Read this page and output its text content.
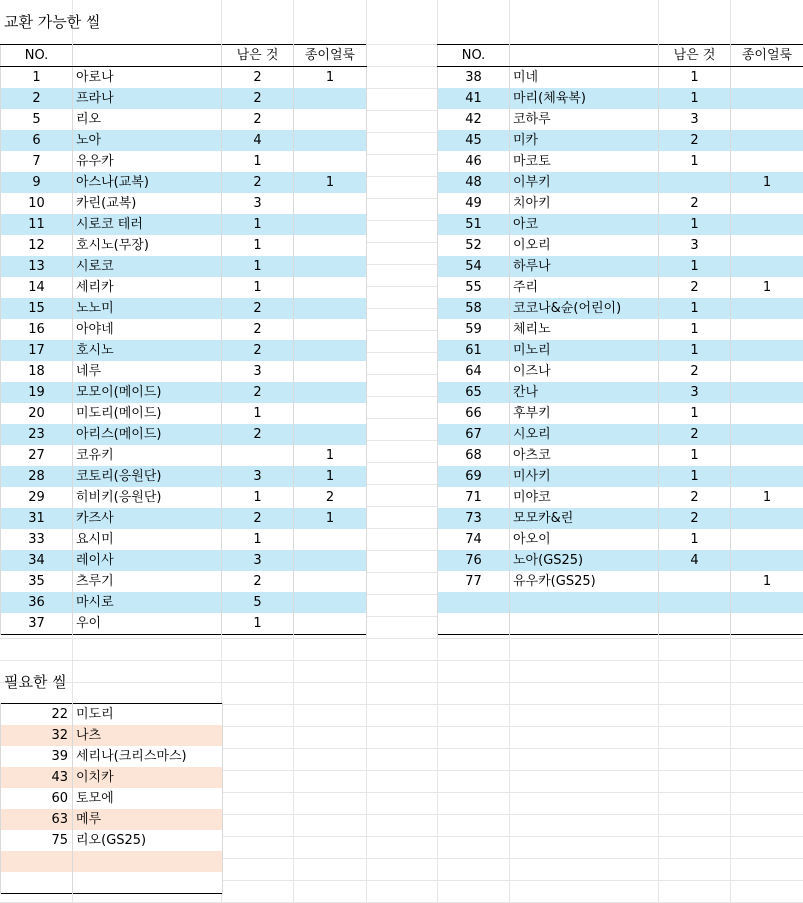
교환 가능한 씰
NO.		남은 것	종이얼룩
1	아로나	2	1
2	프라나	2	
5	리오	2	
6	노아	4	
7	유우카	1	
9	아스나(교복)	2	1
10	카린(교복)	3	
11	시로코 테러	1	
12	호시노(무장)	1	
13	시로코	1	
14	세리카	1	
15	노노미	2	
16	아야네	2	
17	호시노	2	
18	네루	3	
19	모모이(메이드)	2	
20	미도리(메이드)	1	
23	아리스(메이드)	2	
27	코유키		1
28	코토리(응원단)	3	1
29	히비키(응원단)	1	2
31	카즈사	2	1
33	요시미	1	
34	레이사	3	
35	츠루기	2	
36	마시로	5	
37	우이	1	
NO.		남은 것	종이얼룩
38	미네	1	
41	마리(체육복)	1	
42	코하루	3	
45	미카	2	
46	마코토	1	
48	이부키		1
49	치아키	2	
51	아코	1	
52	이오리	3	
54	하루나	1	
55	주리	2	1
58	코코나&슌(어린이)	1	
59	체리노	1	
61	미노리	1	
64	이즈나	2	
65	칸나	3	
66	후부키	1	
67	시오리	2	
68	아츠코	1	
69	미사키	1	
71	미야코	2	1
73	모모카&린	2	
74	아오이	1	
76	노아(GS25)	4	
77	유우카(GS25)		1

필요한 씰
22	미도리
32	나츠
39	세리나(크리스마스)
43	이치카
60	토모에
63	메루
75	리오(GS25)
